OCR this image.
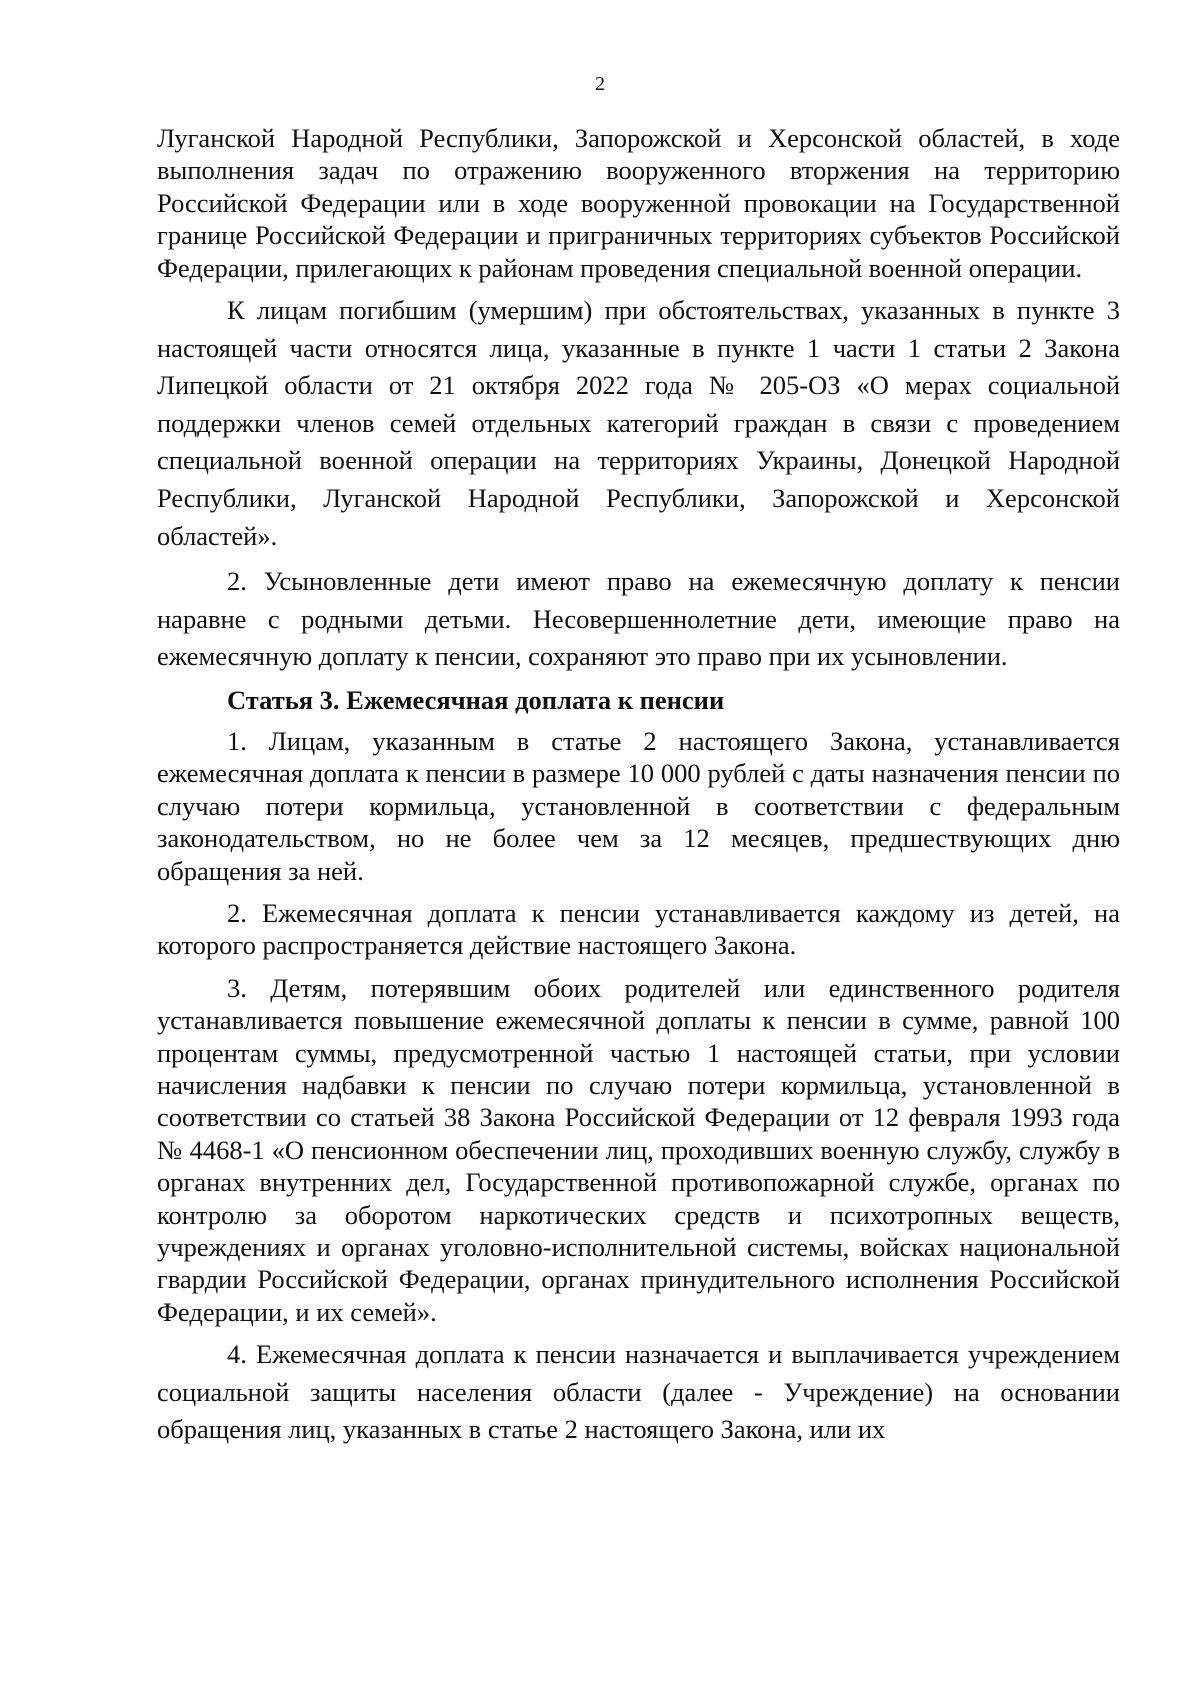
2

Луганской Народной Республики, Запорожской и Херсонской областей, в ходе выполнения задач по отражению вооруженного вторжения на территорию Российской Федерации или в ходе вооруженной провокации на Государственной границе Российской Федерации и приграничных территориях субъектов Российской Федерации, прилегающих к районам проведения специальной военной операции.

К лицам погибшим (умершим) при обстоятельствах, указанных в пункте 3 настоящей части относятся лица, указанные в пункте 1 части 1 статьи 2 Закона Липецкой области от 21 октября 2022 года № 205-ОЗ «О мерах социальной поддержки членов семей отдельных категорий граждан в связи с проведением специальной военной операции на территориях Украины, Донецкой Народной Республики, Луганской Народной Республики, Запорожской и Херсонской областей».

2. Усыновленные дети имеют право на ежемесячную доплату к пенсии наравне с родными детьми. Несовершеннолетние дети, имеющие право на ежемесячную доплату к пенсии, сохраняют это право при их усыновлении.

Статья 3. Ежемесячная доплата к пенсии

1. Лицам, указанным в статье 2 настоящего Закона, устанавливается ежемесячная доплата к пенсии в размере 10 000 рублей с даты назначения пенсии по случаю потери кормильца, установленной в соответствии с федеральным законодательством, но не более чем за 12 месяцев, предшествующих дню обращения за ней.

2. Ежемесячная доплата к пенсии устанавливается каждому из детей, на которого распространяется действие настоящего Закона.

3. Детям, потерявшим обоих родителей или единственного родителя устанавливается повышение ежемесячной доплаты к пенсии в сумме, равной 100 процентам суммы, предусмотренной частью 1 настоящей статьи, при условии начисления надбавки к пенсии по случаю потери кормильца, установленной в соответствии со статьей 38 Закона Российской Федерации от 12 февраля 1993 года № 4468-1 «О пенсионном обеспечении лиц, проходивших военную службу, службу в органах внутренних дел, Государственной противопожарной службе, органах по контролю за оборотом наркотических средств и психотропных веществ, учреждениях и органах уголовно-исполнительной системы, войсках национальной гвардии Российской Федерации, органах принудительного исполнения Российской Федерации, и их семей».

4. Ежемесячная доплата к пенсии назначается и выплачивается учреждением социальной защиты населения области (далее - Учреждение) на основании обращения лиц, указанных в статье 2 настоящего Закона, или их
